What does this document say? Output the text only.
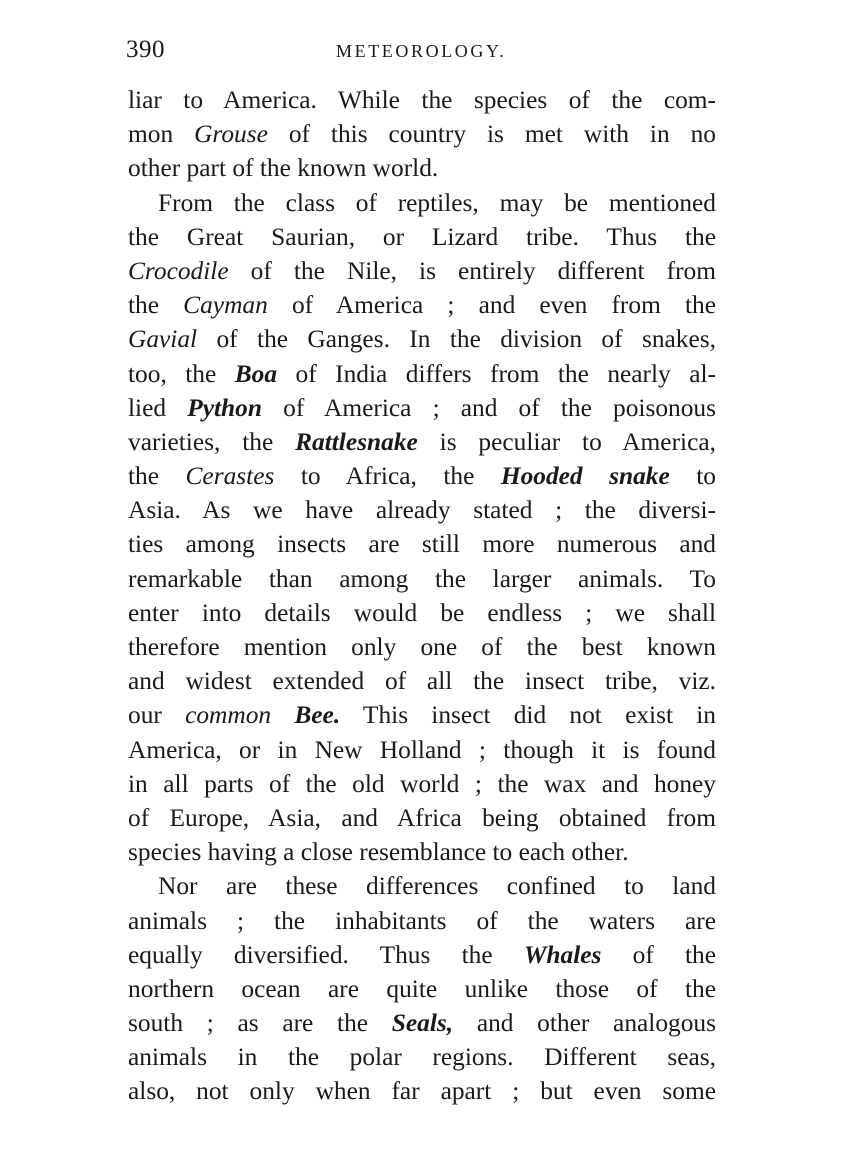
390	METEOROLOGY.
liar to America. While the species of the com-
mon Grouse of this country is met with in no
other part of the known world.
From the class of reptiles, may be mentioned
the Great Saurian, or Lizard tribe. Thus the
Crocodile of the Nile, is entirely different from
the Cayman of America ; and even from the
Gavial of the Ganges. In the division of snakes,
too, the Boa of India differs from the nearly al-
lied Python of America ; and of the poisonous
varieties, the Rattlesnake is peculiar to America,
the Cerastes to Africa, the Hooded snake to
Asia. As we have already stated ; the diversi-
ties among insects are still more numerous and
remarkable than among the larger animals. To
enter into details would be endless ; we shall
therefore mention only one of the best known
and widest extended of all the insect tribe, viz.
our common Bee. This insect did not exist in
America, or in New Holland ; though it is found
in all parts of the old world ; the wax and honey
of Europe, Asia, and Africa being obtained from
species having a close resemblance to each other.
Nor are these differences confined to land
animals ; the inhabitants of the waters are
equally diversified. Thus the Whales of the
northern ocean are quite unlike those of the
south ; as are the Seals, and other analogous
animals in the polar regions. Different seas,
also, not only when far apart ; but even some
